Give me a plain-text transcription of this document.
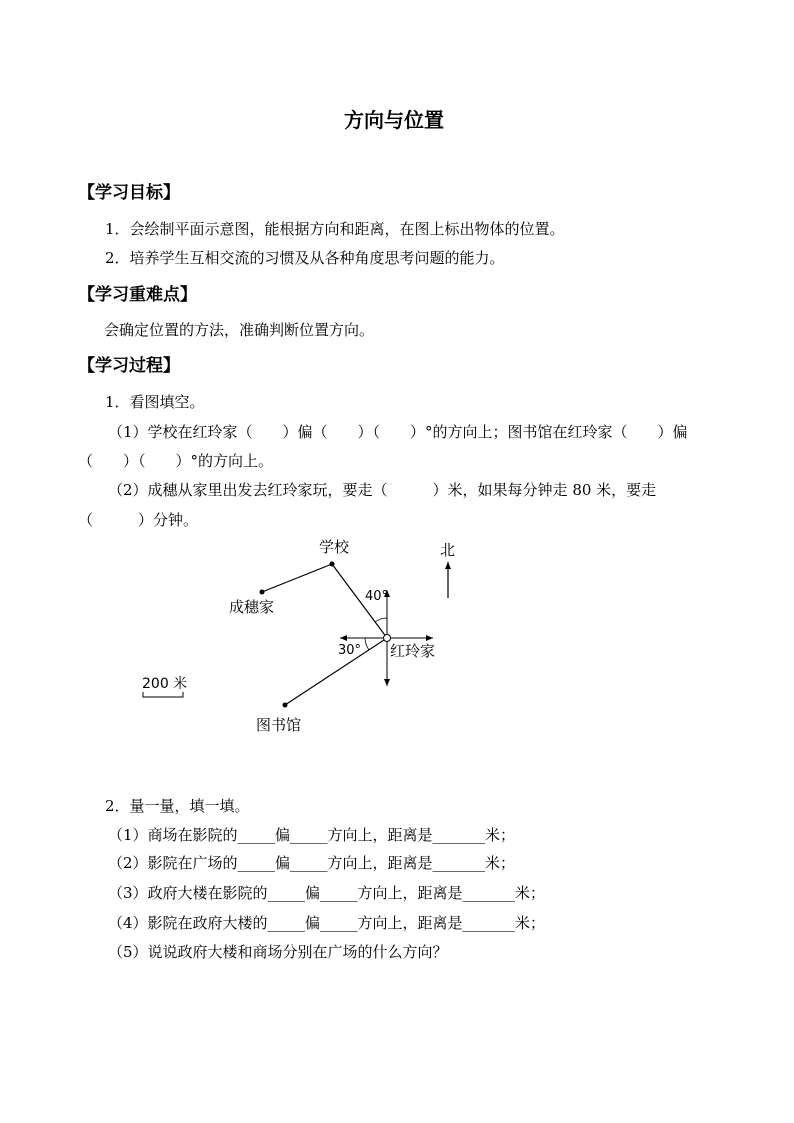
方向与位置
【学习目标】
1．会绘制平面示意图，能根据方向和距离，在图上标出物体的位置。
2．培养学生互相交流的习惯及从各种角度思考问题的能力。
【学习重难点】
会确定位置的方法，准确判断位置方向。
【学习过程】
1．看图填空。
（1）学校在红玲家（　　）偏（　　）（　　）°的方向上；图书馆在红玲家（　　）偏
（　　）（　　）°的方向上。
（2）成穗从家里出发去红玲家玩，要走（　　　）米，如果每分钟走 80 米，要走
（　　　）分钟。
北
学校
成穗家
40°
30° 红玲家
图书馆
200 米
2．量一量，填一填。
（1）商场在影院的_____偏_____方向上，距离是_______米；
（2）影院在广场的_____偏_____方向上，距离是_______米；
（3）政府大楼在影院的_____偏_____方向上，距离是_______米；
（4）影院在政府大楼的_____偏_____方向上，距离是_______米；
（5）说说政府大楼和商场分别在广场的什么方向？
